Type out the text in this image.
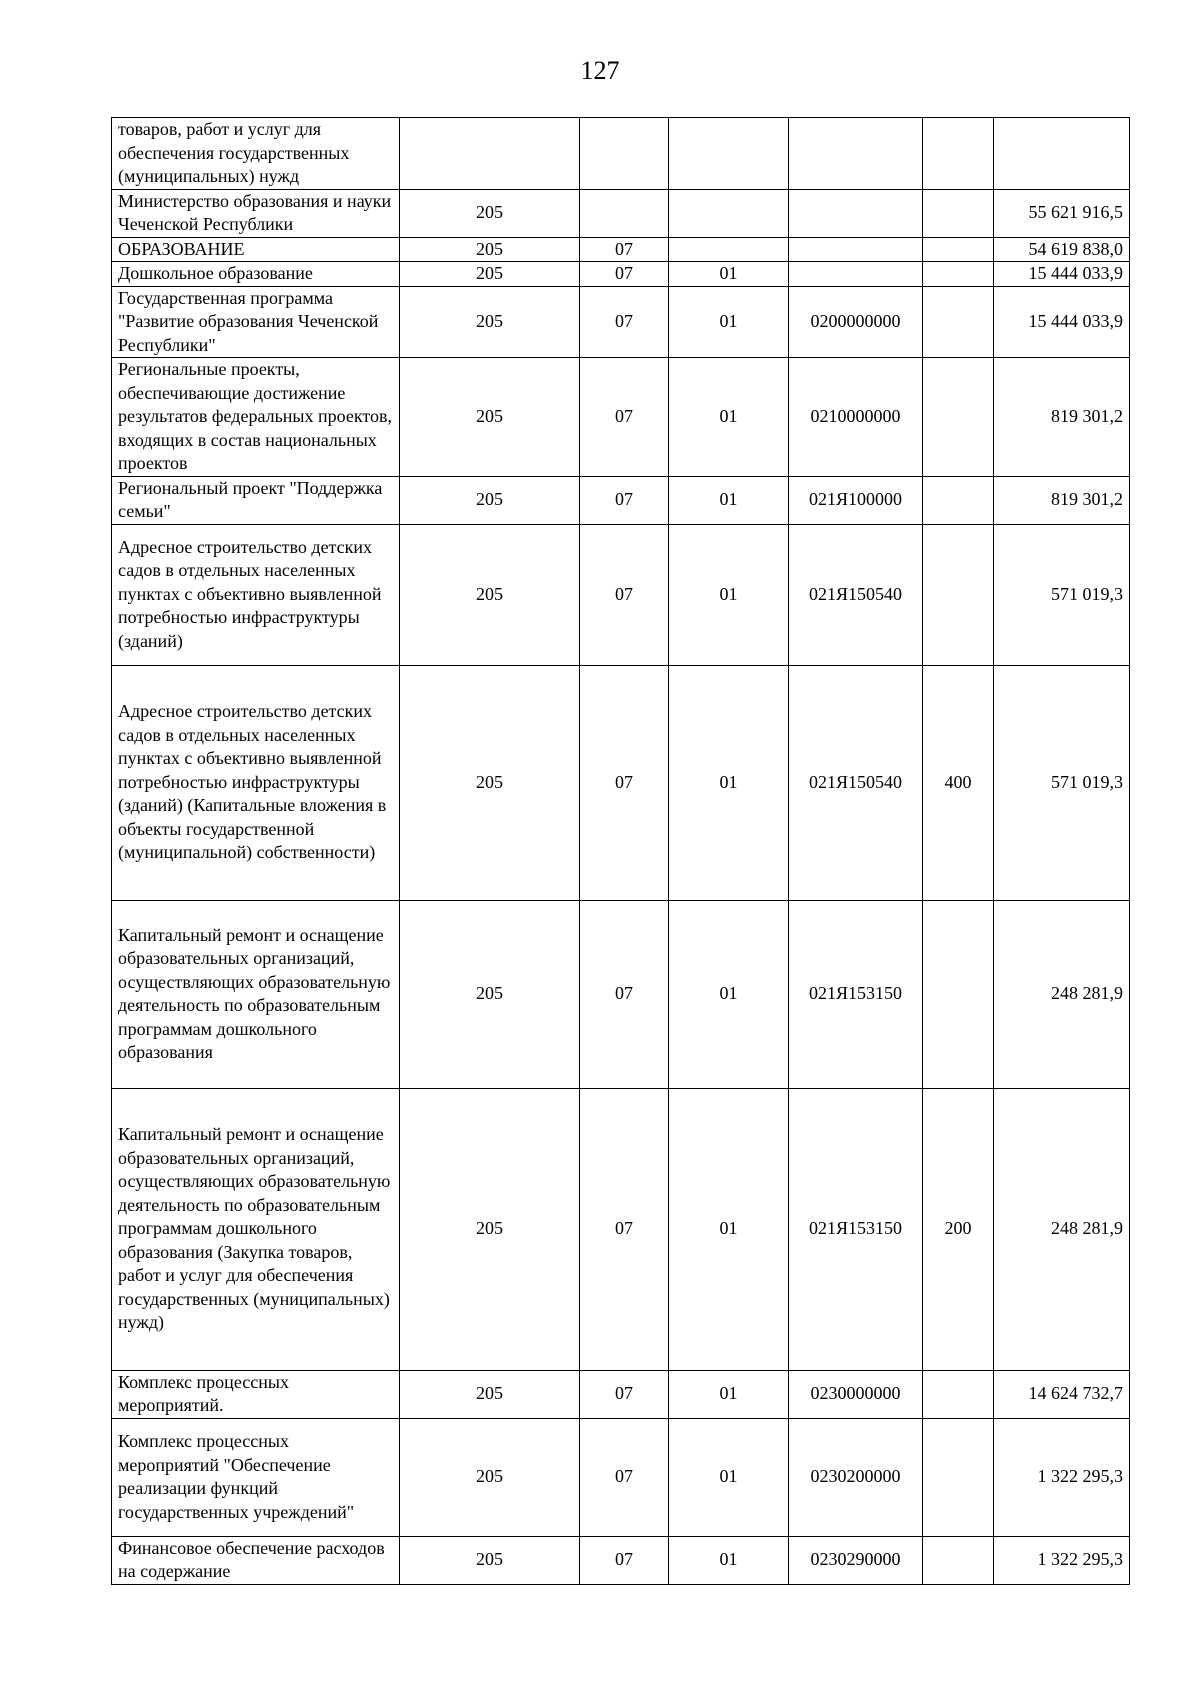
127
товаров, работ и услуг для обеспечения государственных (муниципальных) нужд						
Министерство образования и науки Чеченской Республики	205					55 621 916,5
ОБРАЗОВАНИЕ	205	07				54 619 838,0
Дошкольное образование	205	07	01			15 444 033,9
Государственная программа "Развитие образования Чеченской Республики"	205	07	01	0200000000		15 444 033,9
Региональные проекты, обеспечивающие достижение результатов федеральных проектов, входящих в состав национальных проектов	205	07	01	0210000000		819 301,2
Региональный проект "Поддержка семьи"	205	07	01	021Я100000		819 301,2
Адресное строительство детских садов в отдельных населенных пунктах с объективно выявленной потребностью инфраструктуры (зданий)	205	07	01	021Я150540		571 019,3
Адресное строительство детских садов в отдельных населенных пунктах с объективно выявленной потребностью инфраструктуры (зданий) (Капитальные вложения в объекты государственной (муниципальной) собственности)	205	07	01	021Я150540	400	571 019,3
Капитальный ремонт и оснащение образовательных организаций, осуществляющих образовательную деятельность по образовательным программам дошкольного образования	205	07	01	021Я153150		248 281,9
Капитальный ремонт и оснащение образовательных организаций, осуществляющих образовательную деятельность по образовательным программам дошкольного образования (Закупка товаров, работ и услуг для обеспечения государственных (муниципальных) нужд)	205	07	01	021Я153150	200	248 281,9
Комплекс процессных мероприятий.	205	07	01	0230000000		14 624 732,7
Комплекс процессных мероприятий "Обеспечение реализации функций государственных учреждений"	205	07	01	0230200000		1 322 295,3
Финансовое обеспечение расходов на содержание	205	07	01	0230290000		1 322 295,3
